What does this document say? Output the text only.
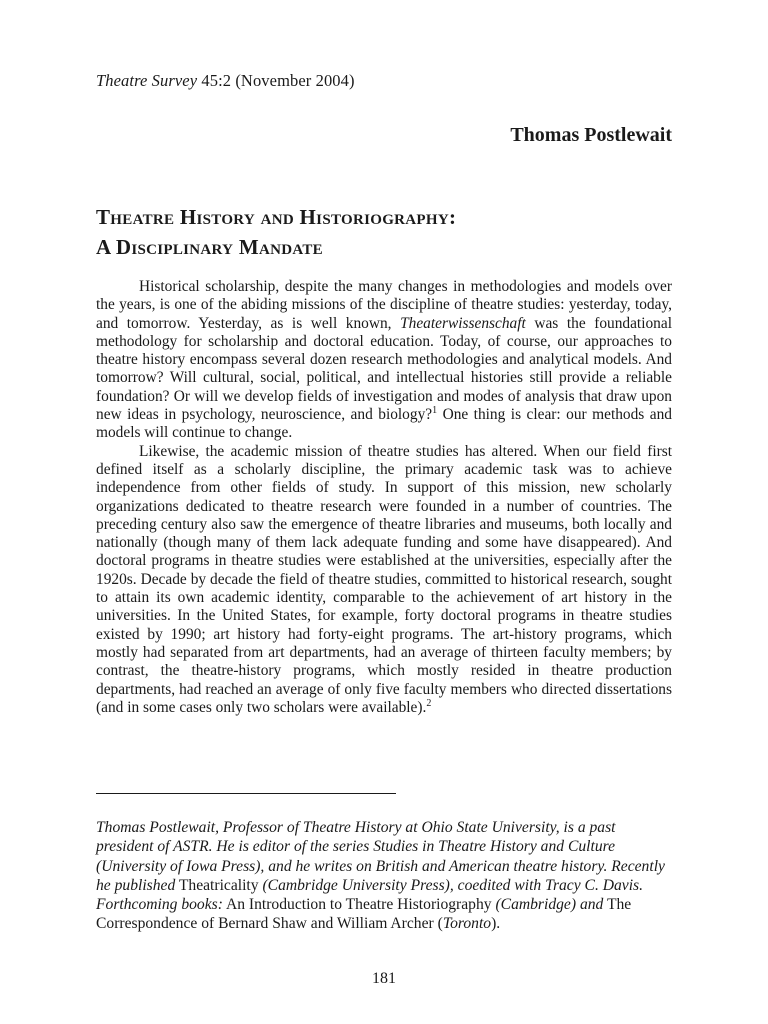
Theatre Survey 45:2 (November 2004)
Thomas Postlewait
Theatre History and Historiography:
A Disciplinary Mandate

Historical scholarship, despite the many changes in methodologies and models over the years, is one of the abiding missions of the discipline of theatre studies: yesterday, today, and tomorrow. Yesterday, as is well known, Theaterwissenschaft was the foundational methodology for scholarship and doctoral education. Today, of course, our approaches to theatre history encompass several dozen research methodologies and analytical models. And tomorrow? Will cultural, social, political, and intellectual histories still provide a reliable foundation? Or will we develop fields of investigation and modes of analysis that draw upon new ideas in psychology, neuroscience, and biology?$^1$ One thing is clear: our methods and models will continue to change.

Likewise, the academic mission of theatre studies has altered. When our field first defined itself as a scholarly discipline, the primary academic task was to achieve independence from other fields of study. In support of this mission, new scholarly organizations dedicated to theatre research were founded in a number of countries. The preceding century also saw the emergence of theatre libraries and museums, both locally and nationally (though many of them lack adequate funding and some have disappeared). And doctoral programs in theatre studies were established at the universities, especially after the 1920s. Decade by decade the field of theatre studies, committed to historical research, sought to attain its own academic identity, comparable to the achievement of art history in the universities. In the United States, for example, forty doctoral programs in theatre studies existed by 1990; art history had forty-eight programs. The art-history programs, which mostly had separated from art departments, had an average of thirteen faculty members; by contrast, the theatre-history programs, which mostly resided in theatre production departments, had reached an average of only five faculty members who directed dissertations (and in some cases only two scholars were available).$^2$

Thomas Postlewait, Professor of Theatre History at Ohio State University, is a past president of ASTR. He is editor of the series Studies in Theatre History and Culture (University of Iowa Press), and he writes on British and American theatre history. Recently he published Theatricality (Cambridge University Press), coedited with Tracy C. Davis. Forthcoming books: An Introduction to Theatre Historiography (Cambridge) and The Correspondence of Bernard Shaw and William Archer (Toronto).
181
